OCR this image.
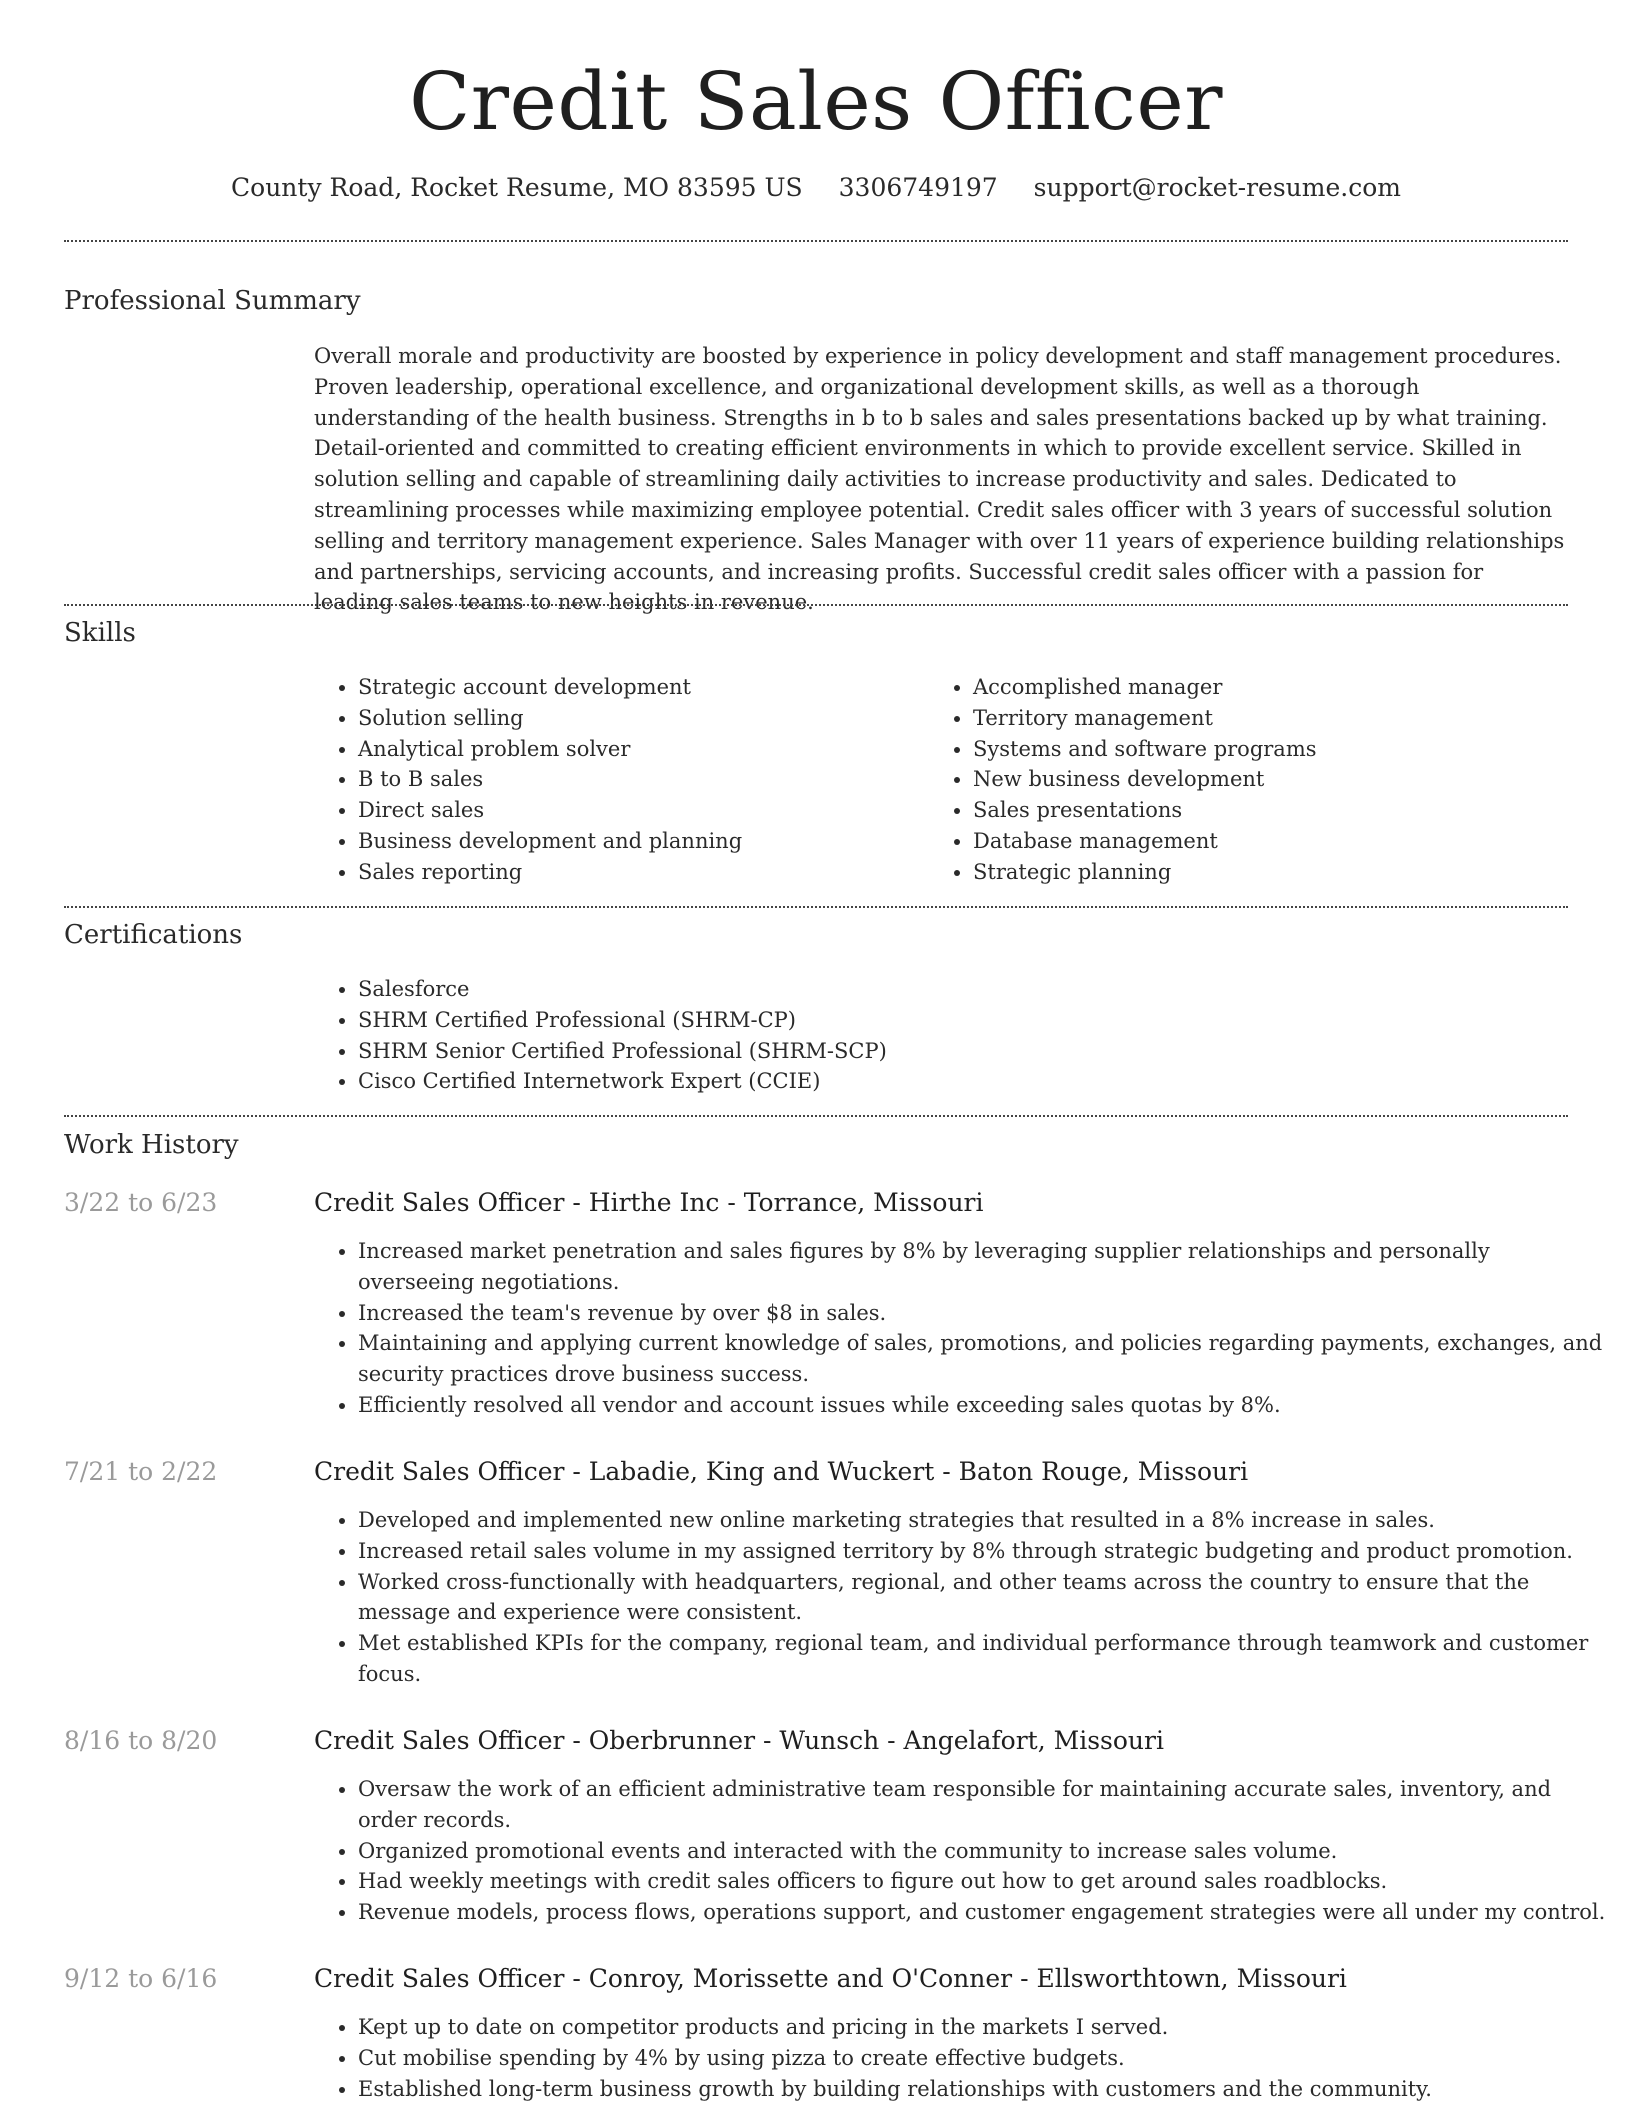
Credit Sales Officer
County Road, Rocket Resume, MO 83595 US 3306749197 support@rocket-resume.com
Professional Summary

Overall morale and productivity are boosted by experience in policy development and staff management procedures. Proven leadership, operational excellence, and organizational development skills, as well as a thorough understanding of the health business. Strengths in b to b sales and sales presentations backed up by what training. Detail-oriented and committed to creating efficient environments in which to provide excellent service. Skilled in solution selling and capable of streamlining daily activities to increase productivity and sales. Dedicated to streamlining processes while maximizing employee potential. Credit sales officer with 3 years of successful solution selling and territory management experience. Sales Manager with over 11 years of experience building relationships and partnerships, servicing accounts, and increasing profits. Successful credit sales officer with a passion for leading sales teams to new heights in revenue.

Skills
• Strategic account development
• Solution selling
• Analytical problem solver
• B to B sales
• Direct sales
• Business development and planning
• Sales reporting
• Accomplished manager
• Territory management
• Systems and software programs
• New business development
• Sales presentations
• Database management
• Strategic planning
Certifications
• Salesforce
• SHRM Certified Professional (SHRM-CP)
• SHRM Senior Certified Professional (SHRM-SCP)
• Cisco Certified Internetwork Expert (CCIE)
Work History
3/22 to 6/23	Credit Sales Officer - Hirthe Inc - Torrance, Missouri
• Increased market penetration and sales figures by 8% by leveraging supplier relationships and personally overseeing negotiations.
• Increased the team's revenue by over $8 in sales.
• Maintaining and applying current knowledge of sales, promotions, and policies regarding payments, exchanges, and security practices drove business success.
• Efficiently resolved all vendor and account issues while exceeding sales quotas by 8%.
7/21 to 2/22	Credit Sales Officer - Labadie, King and Wuckert - Baton Rouge, Missouri
• Developed and implemented new online marketing strategies that resulted in a 8% increase in sales.
• Increased retail sales volume in my assigned territory by 8% through strategic budgeting and product promotion.
• Worked cross-functionally with headquarters, regional, and other teams across the country to ensure that the message and experience were consistent.
• Met established KPIs for the company, regional team, and individual performance through teamwork and customer focus.
8/16 to 8/20	Credit Sales Officer - Oberbrunner - Wunsch - Angelafort, Missouri
• Oversaw the work of an efficient administrative team responsible for maintaining accurate sales, inventory, and order records.
• Organized promotional events and interacted with the community to increase sales volume.
• Had weekly meetings with credit sales officers to figure out how to get around sales roadblocks.
• Revenue models, process flows, operations support, and customer engagement strategies were all under my control.
9/12 to 6/16	Credit Sales Officer - Conroy, Morissette and O'Conner - Ellsworthtown, Missouri
• Kept up to date on competitor products and pricing in the markets I served.
• Cut mobilise spending by 4% by using pizza to create effective budgets.
• Established long-term business growth by building relationships with customers and the community.
